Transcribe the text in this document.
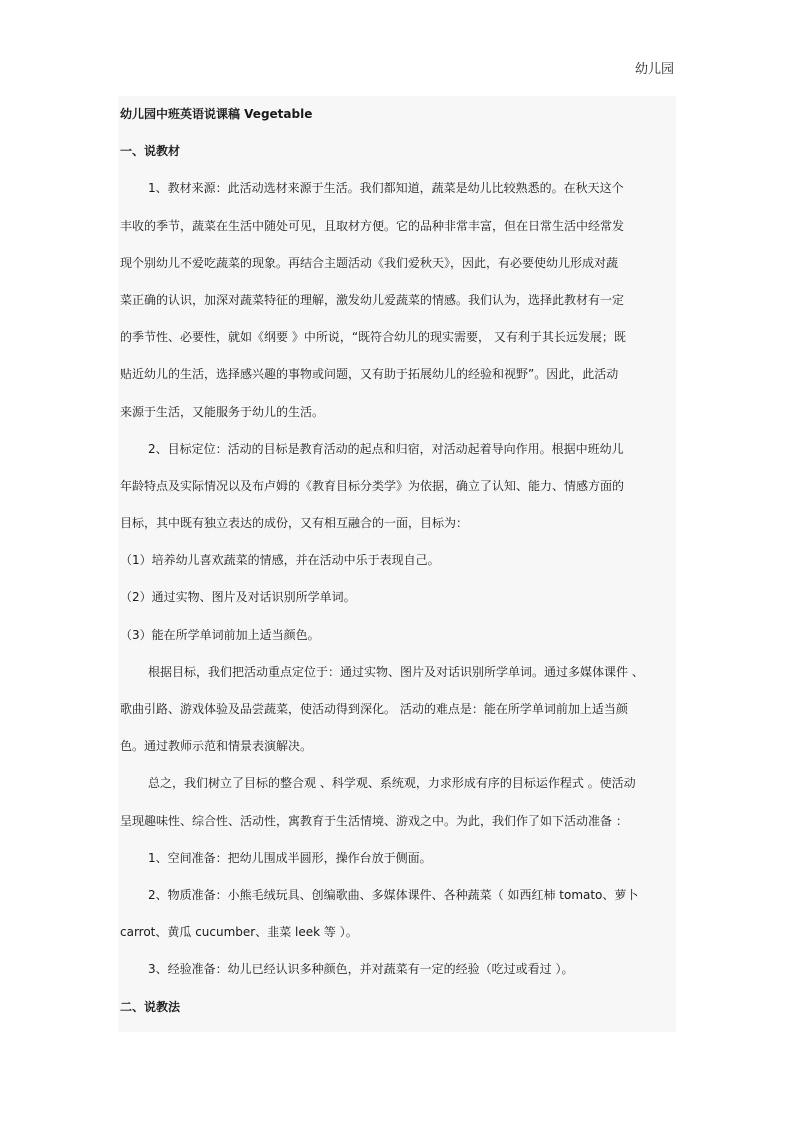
幼儿园
幼儿园中班英语说课稿 Vegetable
一、说教材
1、教材来源：此活动选材来源于生活。我们都知道，蔬菜是幼儿比较熟悉的。在秋天这个
丰收的季节，蔬菜在生活中随处可见，且取材方便。它的品种非常丰富，但在日常生活中经常发
现个别幼儿不爱吃蔬菜的现象。再结合主题活动《我们爱秋天》，因此，有必要使幼儿形成对蔬
菜正确的认识，加深对蔬菜特征的理解，激发幼儿爱蔬菜的情感。我们认为，选择此教材有一定
的季节性、必要性，就如《纲要 》中所说，“既符合幼儿的现实需要， 又有利于其长远发展；既
贴近幼儿的生活，选择感兴趣的事物或问题，又有助于拓展幼儿的经验和视野”。因此，此活动
来源于生活，又能服务于幼儿的生活。
2、目标定位：活动的目标是教育活动的起点和归宿，对活动起着导向作用。根据中班幼儿
年龄特点及实际情况以及布卢姆的《教育目标分类学》为依据，确立了认知、能力、情感方面的
目标，其中既有独立表达的成份，又有相互融合的一面，目标为：
（1）培养幼儿喜欢蔬菜的情感，并在活动中乐于表现自己。
（2）通过实物、图片及对话识别所学单词。
（3）能在所学单词前加上适当颜色。
根据目标，我们把活动重点定位于：通过实物、图片及对话识别所学单词。通过多媒体课件 、
歌曲引路、游戏体验及品尝蔬菜，使活动得到深化。 活动的难点是：能在所学单词前加上适当颜
色。通过教师示范和情景表演解决。
总之，我们树立了目标的整合观 、科学观、系统观，力求形成有序的目标运作程式 。使活动
呈现趣味性、综合性、活动性，寓教育于生活情境、游戏之中。为此，我们作了如下活动准备 ：
1、空间准备：把幼儿围成半圆形，操作台放于侧面。
2、物质准备：小熊毛绒玩具、创编歌曲、多媒体课件、各种蔬菜（ 如西红柿 tomato、萝卜
carrot、黄瓜 cucumber、韭菜 leek 等 ）。
3、经验准备：幼儿已经认识多种颜色，并对蔬菜有一定的经验（吃过或看过 ）。
二、说教法
